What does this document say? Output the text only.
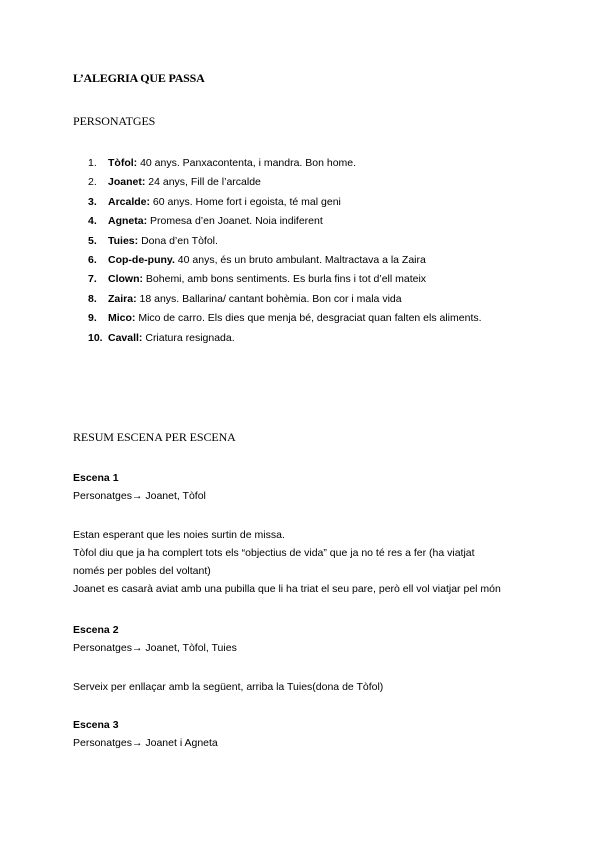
L’ALEGRIA QUE PASSA
PERSONATGES
1. Tòfol: 40 anys. Panxacontenta, i mandra. Bon home.
2. Joanet: 24 anys, Fill de l’arcalde
3. Arcalde: 60 anys. Home fort i egoista, té mal geni
4. Agneta: Promesa d’en Joanet. Noia indiferent
5. Tuies: Dona d’en Tòfol.
6. Cop-de-puny. 40 anys, és un bruto ambulant. Maltractava a la Zaira
7. Clown: Bohemi, amb bons sentiments. Es burla fins i tot d’ell mateix
8. Zaira: 18 anys. Ballarina/ cantant bohèmia. Bon cor i mala vida
9. Mico: Mico de carro. Els dies que menja bé, desgraciat quan falten els aliments.
10. Cavall: Criatura resignada.
RESUM ESCENA PER ESCENA
Escena 1
Personatges→ Joanet, Tòfol
Estan esperant que les noies surtin de missa.
Tòfol diu que ja ha complert tots els “objectius de vida” que ja no té res a fer (ha viatjat
només per pobles del voltant)
Joanet es casarà aviat amb una pubilla que li ha triat el seu pare, però ell vol viatjar pel món
Escena 2
Personatges→ Joanet, Tòfol, Tuies
Serveix per enllaçar amb la següent, arriba la Tuies(dona de Tòfol)
Escena 3
Personatges→ Joanet i Agneta
